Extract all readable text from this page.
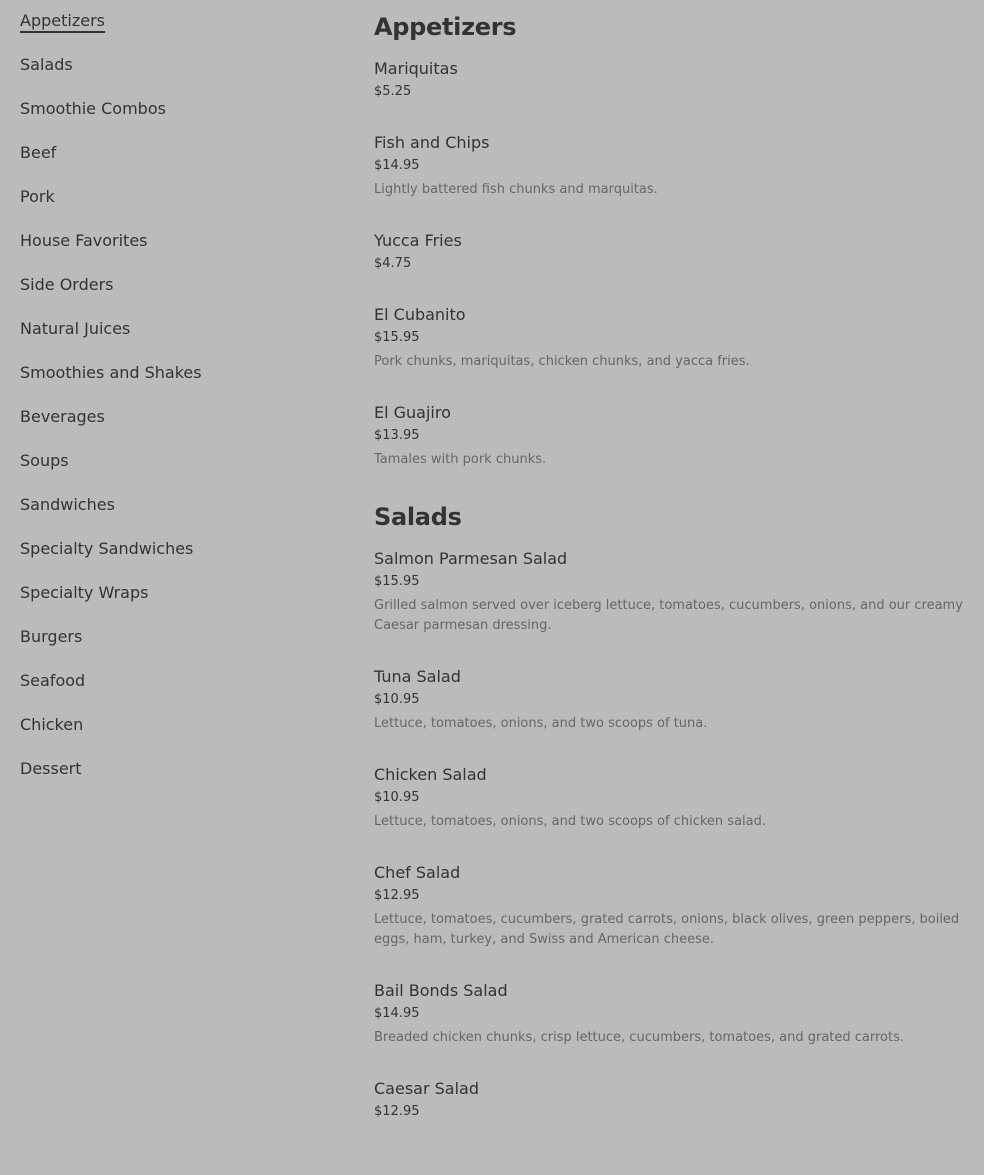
Appetizers
Salads
Smoothie Combos
Beef
Pork
House Favorites
Side Orders
Natural Juices
Smoothies and Shakes
Beverages
Soups
Sandwiches
Specialty Sandwiches
Specialty Wraps
Burgers
Seafood
Chicken
Dessert
Appetizers
Mariquitas
$5.25
Fish and Chips
$14.95
Lightly battered fish chunks and marquitas.
Yucca Fries
$4.75
El Cubanito
$15.95
Pork chunks, mariquitas, chicken chunks, and yacca fries.
El Guajiro
$13.95
Tamales with pork chunks.
Salads
Salmon Parmesan Salad
$15.95
Grilled salmon served over iceberg lettuce, tomatoes, cucumbers, onions, and our creamy Caesar parmesan dressing.
Tuna Salad
$10.95
Lettuce, tomatoes, onions, and two scoops of tuna.
Chicken Salad
$10.95
Lettuce, tomatoes, onions, and two scoops of chicken salad.
Chef Salad
$12.95
Lettuce, tomatoes, cucumbers, grated carrots, onions, black olives, green peppers, boiled eggs, ham, turkey, and Swiss and American cheese.
Bail Bonds Salad
$14.95
Breaded chicken chunks, crisp lettuce, cucumbers, tomatoes, and grated carrots.
Caesar Salad
$12.95
